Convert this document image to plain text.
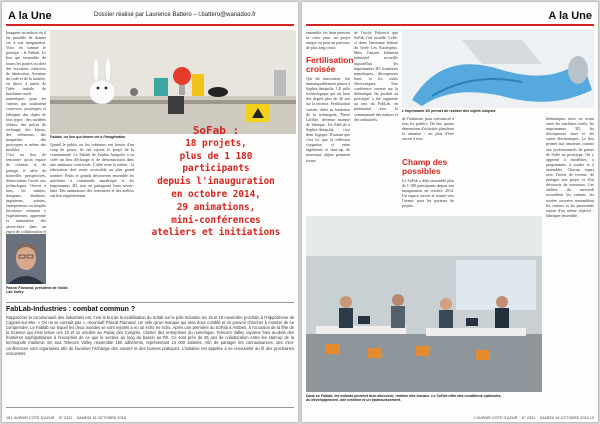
A la Une	Dossier réalisé par Laurence Battero – l.battero@wanadoo.fr

Imaginer un endroit où il est possible de donner vie à son imagination. Voici en somme le principe : le Fablab. Le lieu qui rassemble de toutes les parties ou chez des vocations créatrices de fabrication. Aventure du code et de la matière, en direct à partir de l'idée initiale de machines-outils numériques pour les curieux qui souhaitent concevoir, prototyper et fabriquer des objets de tous types : des modèles réduits, des pièces de rechange, des bijoux, des vêtements, des maquettes, des prototypes et même des meubles.

C'est au lieu de rencontre qu'un espace de création et de partage, il offre de nouvelles perspectives, démocratiser l'accès aux technologies. Ouvert à tous, les makers, designers, étudiants, ingénieurs, artistes, entrepreneurs ou simples bricoleurs viennent y expérimenter, apprendre et transmettre des savoir-faire dans un esprit de collaboration et

Fablab, un lieu qui donne vie à l'imagination

Quand le public ou les créateurs ont besoin d'un coup de pouce, ils ont rejoint le projet de la communauté. Le Fablab de Sophia Antipolis a su créer un lieu d'échange et de démonstration dans une ambiance conviviale. L'idée reste la même : la fabrication doit rester accessible au plus grand nombre. Petits et grands découvrent ensemble les machines à commande numérique et les imprimantes 3D, tout en partageant leurs savoir-faire. Des animations, des rencontres et des ateliers ont lieu régulièrement.

Pascal Flamand, président de Sofab
Lab Valley
SoFab :
18 projets,
plus de 1 180
participants
depuis l'inauguration
en octobre 2014,
29 animations,
mini-conférences
ateliers et initiations
FabLab-Industries : combat commun ?
Rapprocher la communauté des industriels est, c'est le but de la mobilisation du Sofab sur le pôle Industrie les 18 et 19 novembre prochain à l'Hippodrome de Cagnes-sur-Mer. « On ne se connaît pas », reconnaît Pascal Flamand. Un vide qu'un manque qui sera donc comblé et un pouvoir chercher à montrer de se comprendre. Le Fablab sur lequel les deux mondes se sont rejoints a eu un écho en écho. Après une première au SoFab à Antibes, à l'occasion de la fête de la Science qui s'est tenue ces 10 et 11 octobre au Palais des Congrès. Cluster des entreprises du numérique, Telecom Valley rayonne bien au-delà des frontières sophipolitaines à l'exception de ce que le secteur au long du bassin au Rh. Ce sont près de 25 ans de collaboration entre les start-up de la technopole maritime. En tout Telecom Valley rassemble 150 adhérents, représentant 14 000 salariés. Afin de partager les connaissances, des mini-conférences sont organisées afin de favoriser l'échange des savoirs et des bonnes pratiques. L'initiative est appelée à se renouveler au fil des prochaines rencontres.
18 L'AVENIR CÔTE D'AZUR N° 2331 SAMEDI 16 OCTOBRE 2015
A la Une
ensemble, les liens peuvent se créer pour un projet unique ou pour un parcours de plus long cours.
Fertilisation croisée
Qui dit innovation, fait immanquablement penser à Sophia-Antipolis. LE pôle technologique qui est bien des degrés plus de 40 ans sur la terrasse. Fertilisation croisée, chère au fondateur de la technopole, Pierre Laffitte, devenue marque de fabrique. Un FabLab à Sophia-Antipolis, c'est donc logique. D'autant que c'est ici que la réflexion s'organise, si entre ingénieurs et start-up, de nouveaux objets prennent forme.
de l'école Polytech que SoFab s'est installé. Celle-ci dans l'ancienne bâtisse du lycée Les Eucalyptus. Mais l'ancien bâtiment industriel accueille aujourd'hui les imprimantes 3D, fraiseuses numériques, découpeuses laser, et les outils électroniques. Une conférence ouverte sur la thématique 'du produit au prototype' a été organisée au sein du FabLab, en partenariat avec la communauté des makers et des industriels.
L'imprimante 3D permet de réaliser des objets uniques
de l'industrie, pour convaincre à tous les publics. De fait, quatre dimensions d'activités planifient la semaine : en plus d'être ouvert à tous.
Champ des possibles
Le SoFab a déjà rassemblé plus de 1 180 participants depuis son inauguration en octobre 2014. Un espace ouvert et tourné vers l'avenir pour les porteurs de projets.
thématiques mise en avant entre les machines outils, les imprimantes 3D, les découpeuses laser et les cartes électroniques. Le lieu permet aux amateurs comme aux professionnels de passer de l'idée au prototype. On y apprend à modéliser, à programmer, à souder et à assembler. Chacun repart avec l'envie de revenir, de partager son projet et d'en découvrir de nouveaux. Les ateliers du mercredi accueillent les enfants, les soirées ouvertes ressemblent les curieux et les passionnés autour d'un même objectif : fabriquer ensemble.
Dans ce Fablab, les enfants peuvent bien découvrir, réaliser des travaux. Le SoFab offre des conditions optimales,
du développement, une création et un épanouissement.
L'AVENIR CÔTE D'AZUR N° 2331 SAMEDI 16 OCTOBRE 2015 19
